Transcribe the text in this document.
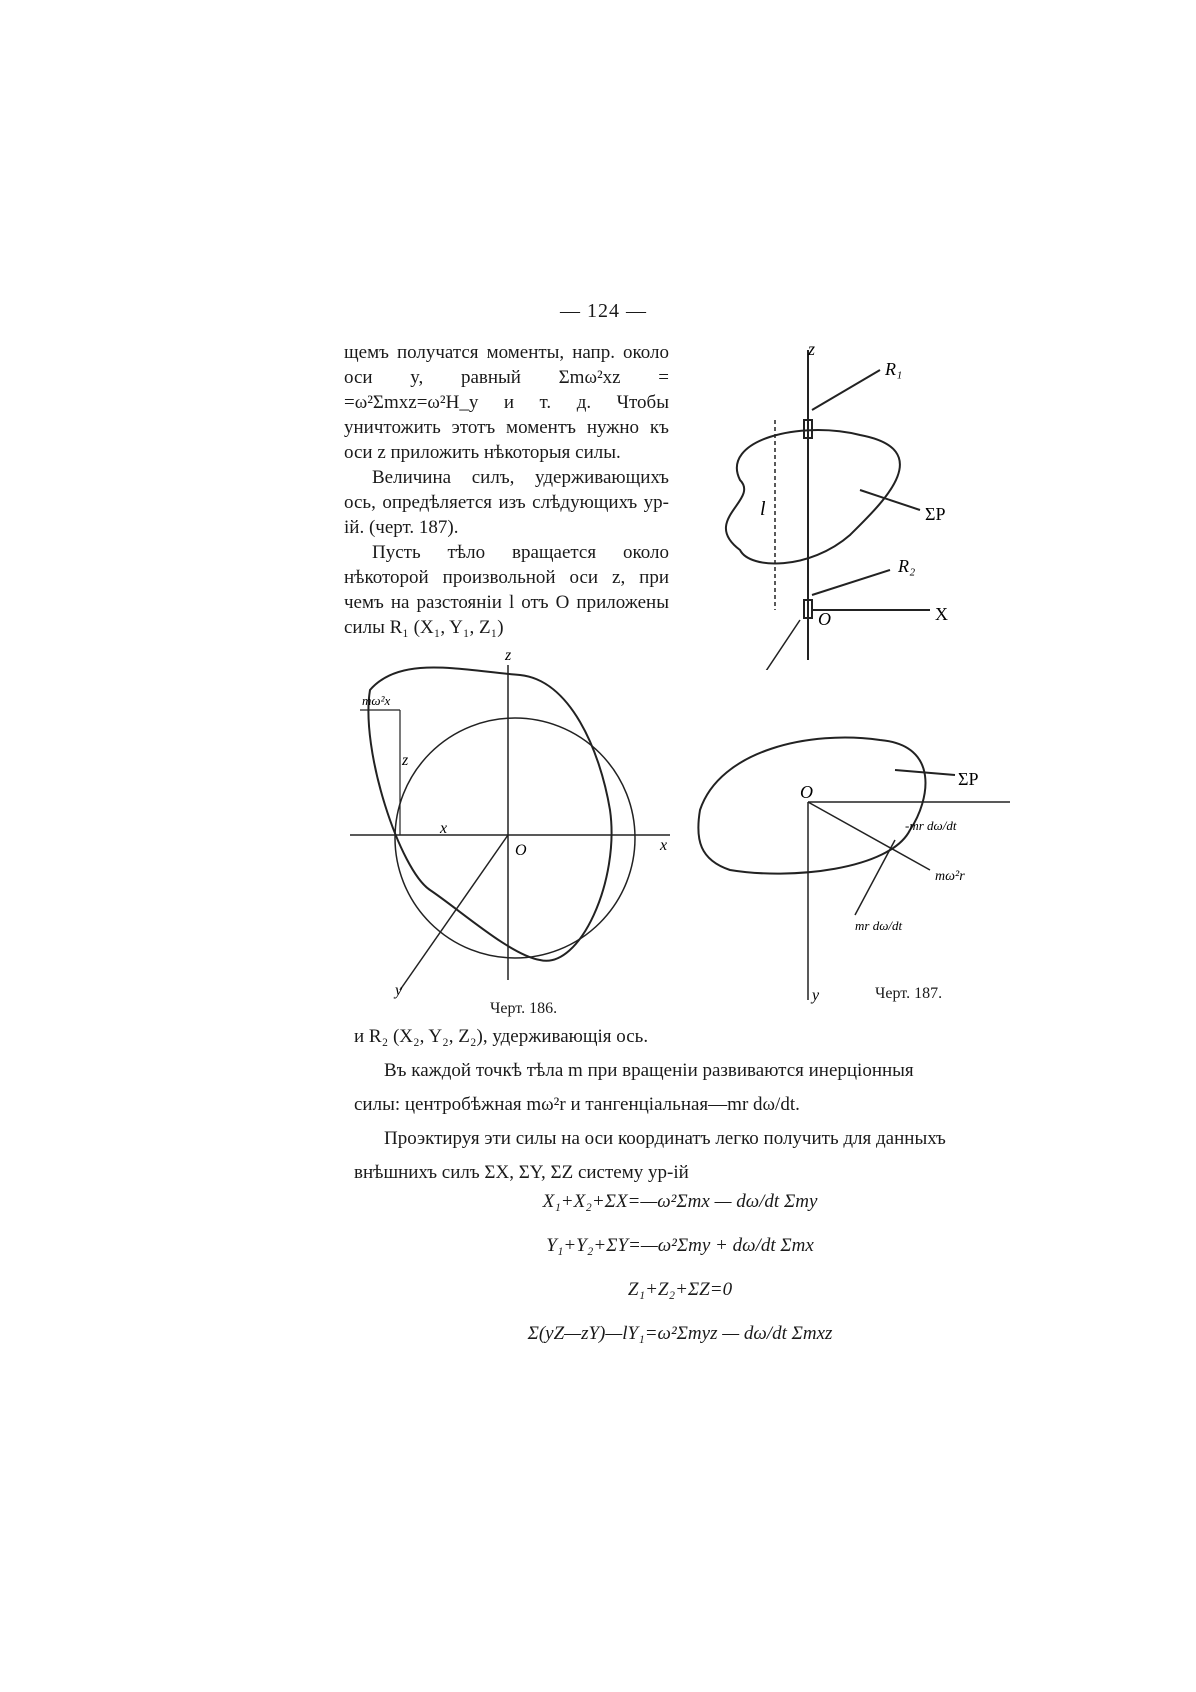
— 124 —

щемъ получатся моменты, напр. около оси y, равный Σmω²xz = =ω²Σmxz=ω²H_y и т. д. Чтобы уничтожить этотъ моментъ нужно къ оси z приложить нѣкоторыя силы.

Величина силъ, удерживающихъ ось, опредѣляется изъ слѣдующихъ ур-ій. (черт. 187).

Пусть тѣло вращается около нѣкоторой произвольной оси z, при чемъ на разстояніи l отъ O приложены силы R₁ (X₁, Y₁, Z₁)

z
R₁
ΣP
R₂
X
O
l
z
x
y
O
x
z
mω²x
Черт. 186.
O
ΣP
-mr dω/dt
mω²r
mr dω/dt
y	Черт. 187.

и R₂ (X₂, Y₂, Z₂), удерживающія ось.

Въ каждой точкѣ тѣла m при вращеніи развиваются инерціонныя силы: центробѣжная mω²r и тангенціальная—mr dω/dt.

Проэктируя эти силы на оси координатъ легко получить для данныхъ внѣшнихъ силъ ΣX, ΣY, ΣZ систему ур-ій

X₁+X₂+ΣX=—ω²Σmx — dω/dt Σmy
Y₁+Y₂+ΣY=—ω²Σmy + dω/dt Σmx
Z₁+Z₂+ΣZ=0
Σ(yZ—zY)—lY₁=ω²Σmyz — dω/dt Σmxz
